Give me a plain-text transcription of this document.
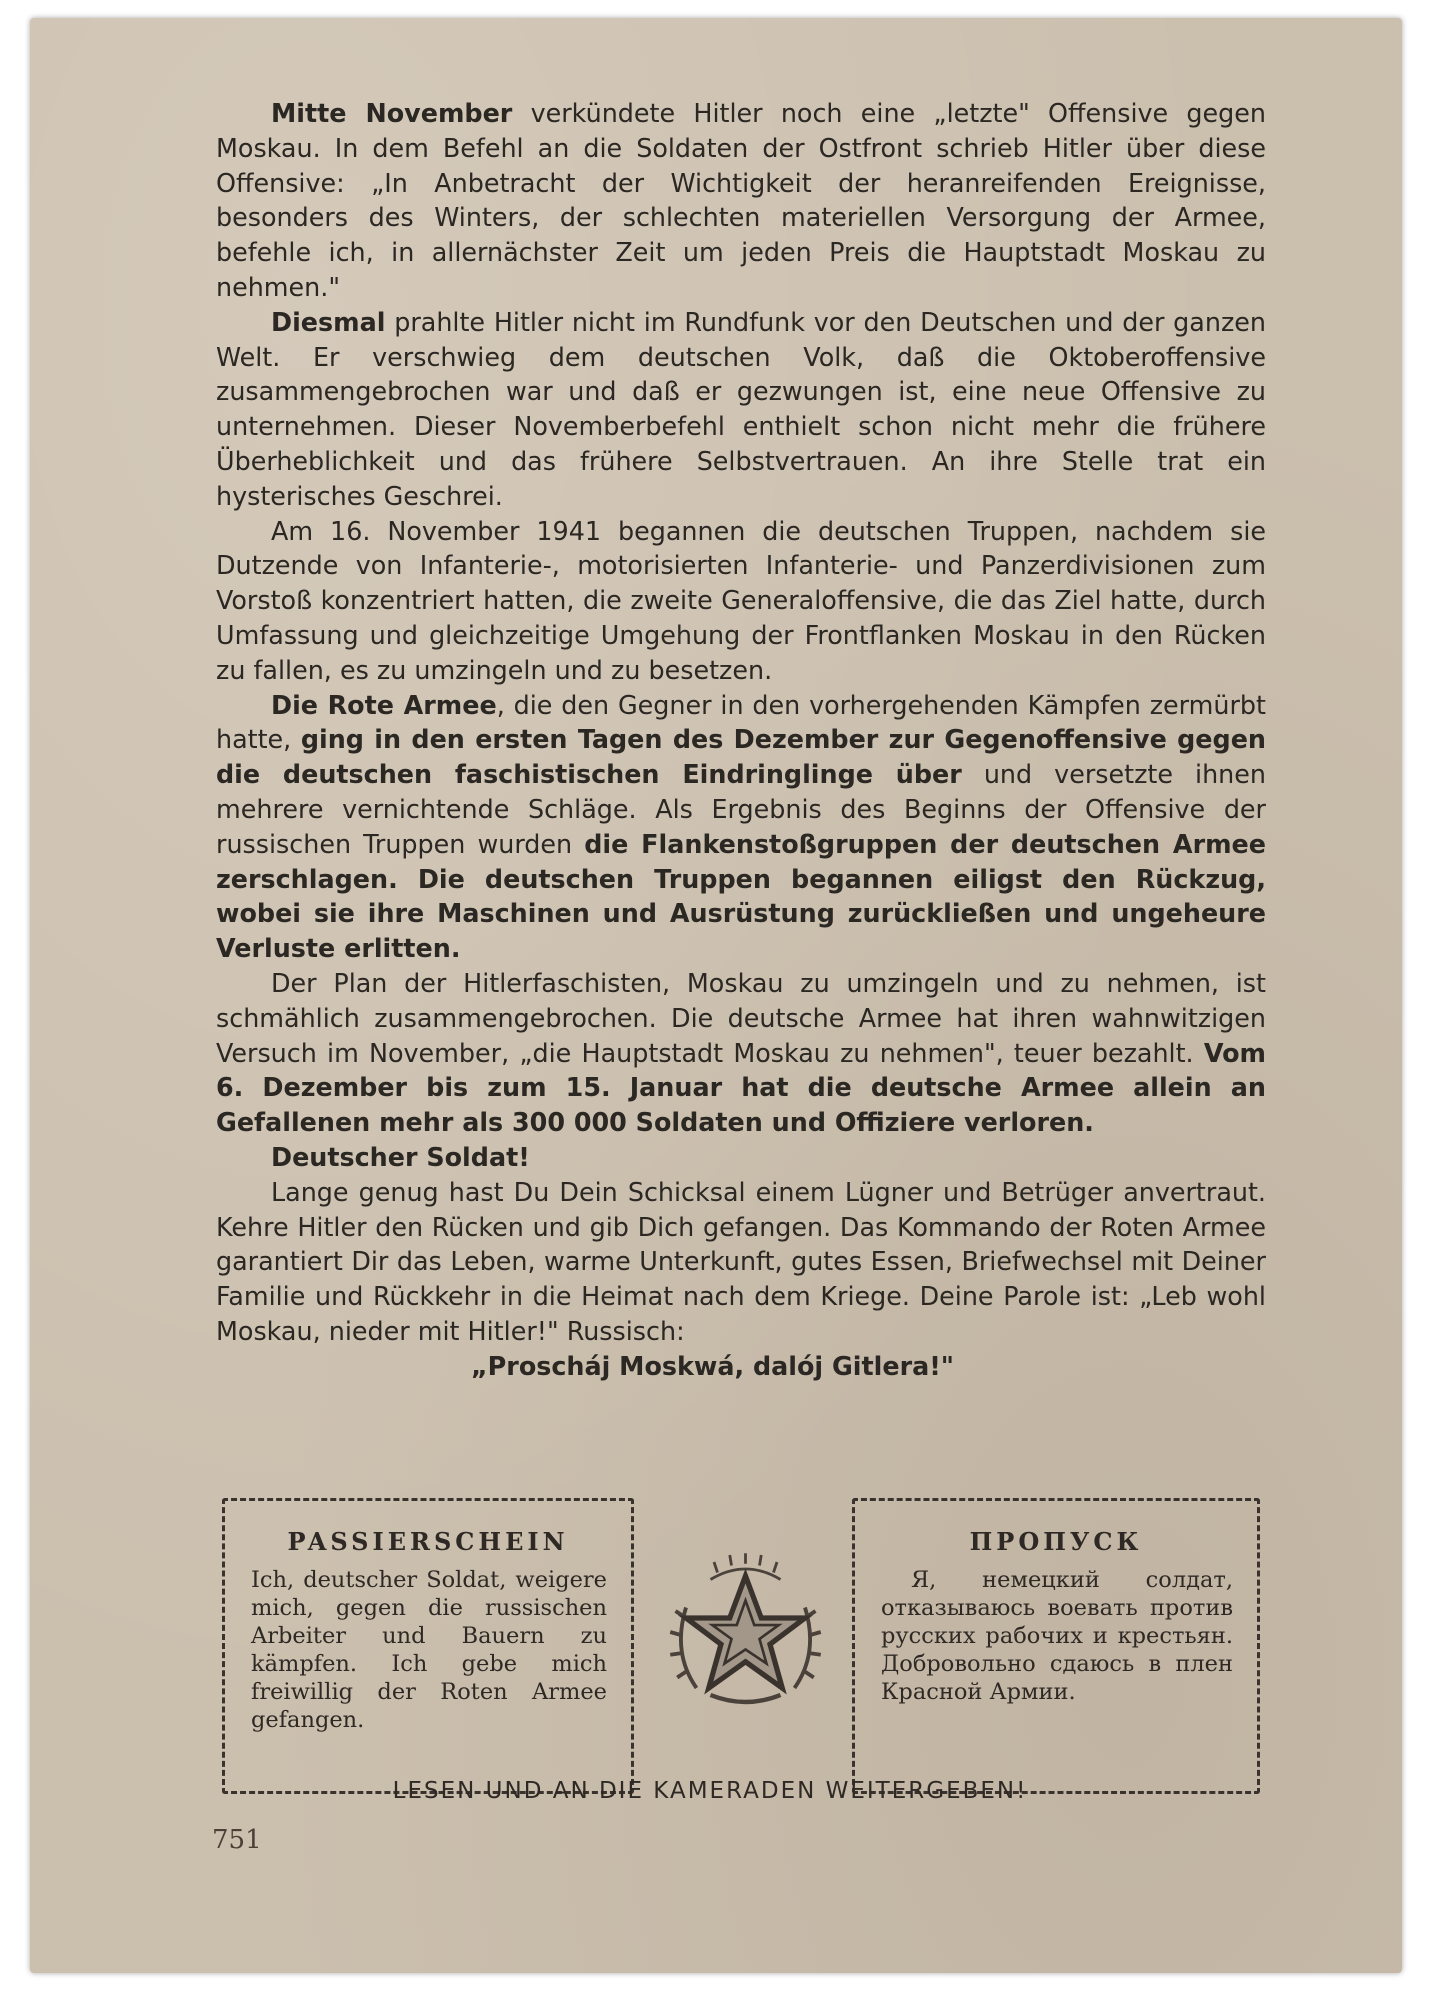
Mitte November verkündete Hitler noch eine „letzte" Offensive gegen Moskau. In dem Befehl an die Soldaten der Ostfront schrieb Hitler über diese Offensive: „In Anbetracht der Wichtigkeit der heranreifenden Ereignisse, besonders des Winters, der schlechten materiellen Versorgung der Armee, befehle ich, in allernächster Zeit um jeden Preis die Hauptstadt Moskau zu nehmen."

Diesmal prahlte Hitler nicht im Rundfunk vor den Deutschen und der ganzen Welt. Er verschwieg dem deutschen Volk, daß die Oktoberoffensive zusammengebrochen war und daß er gezwungen ist, eine neue Offensive zu unternehmen. Dieser Novemberbefehl enthielt schon nicht mehr die frühere Überheblichkeit und das frühere Selbstvertrauen. An ihre Stelle trat ein hysterisches Geschrei.

Am 16. November 1941 begannen die deutschen Truppen, nachdem sie Dutzende von Infanterie-, motorisierten Infanterie- und Panzerdivisionen zum Vorstoß konzentriert hatten, die zweite Generaloffensive, die das Ziel hatte, durch Umfassung und gleichzeitige Umgehung der Frontflanken Moskau in den Rücken zu fallen, es zu umzingeln und zu besetzen.

Die Rote Armee, die den Gegner in den vorhergehenden Kämpfen zermürbt hatte, ging in den ersten Tagen des Dezember zur Gegenoffensive gegen die deutschen faschistischen Eindringlinge über und versetzte ihnen mehrere vernichtende Schläge. Als Ergebnis des Beginns der Offensive der russischen Truppen wurden die Flankenstoßgruppen der deutschen Armee zerschlagen. Die deutschen Truppen begannen eiligst den Rückzug, wobei sie ihre Maschinen und Ausrüstung zurückließen und ungeheure Verluste erlitten.

Der Plan der Hitlerfaschisten, Moskau zu umzingeln und zu nehmen, ist schmählich zusammengebrochen. Die deutsche Armee hat ihren wahnwitzigen Versuch im November, „die Hauptstadt Moskau zu nehmen", teuer bezahlt. Vom 6. Dezember bis zum 15. Januar hat die deutsche Armee allein an Gefallenen mehr als 300 000 Soldaten und Offiziere verloren.

Deutscher Soldat!

Lange genug hast Du Dein Schicksal einem Lügner und Betrüger anvertraut. Kehre Hitler den Rücken und gib Dich gefangen. Das Kommando der Roten Armee garantiert Dir das Leben, warme Unterkunft, gutes Essen, Briefwechsel mit Deiner Familie und Rückkehr in die Heimat nach dem Kriege. Deine Parole ist: „Leb wohl Moskau, nieder mit Hitler!" Russisch:

„Prosсháj Moskwá, dalój Gitlera!"

PASSIERSCHEIN
Ich, deutscher Soldat, weigere mich, gegen die russischen Arbeiter und Bauern zu kämpfen. Ich gebe mich freiwillig der Roten Armee gefangen.
ПРОПУСК
Я, немецкий солдат, отказываюсь воевать против русских рабочих и крестьян. Добровольно сдаюсь в плен Красной Армии.
LESEN UND AN DIE KAMERADEN WEITERGEBEN!
751
